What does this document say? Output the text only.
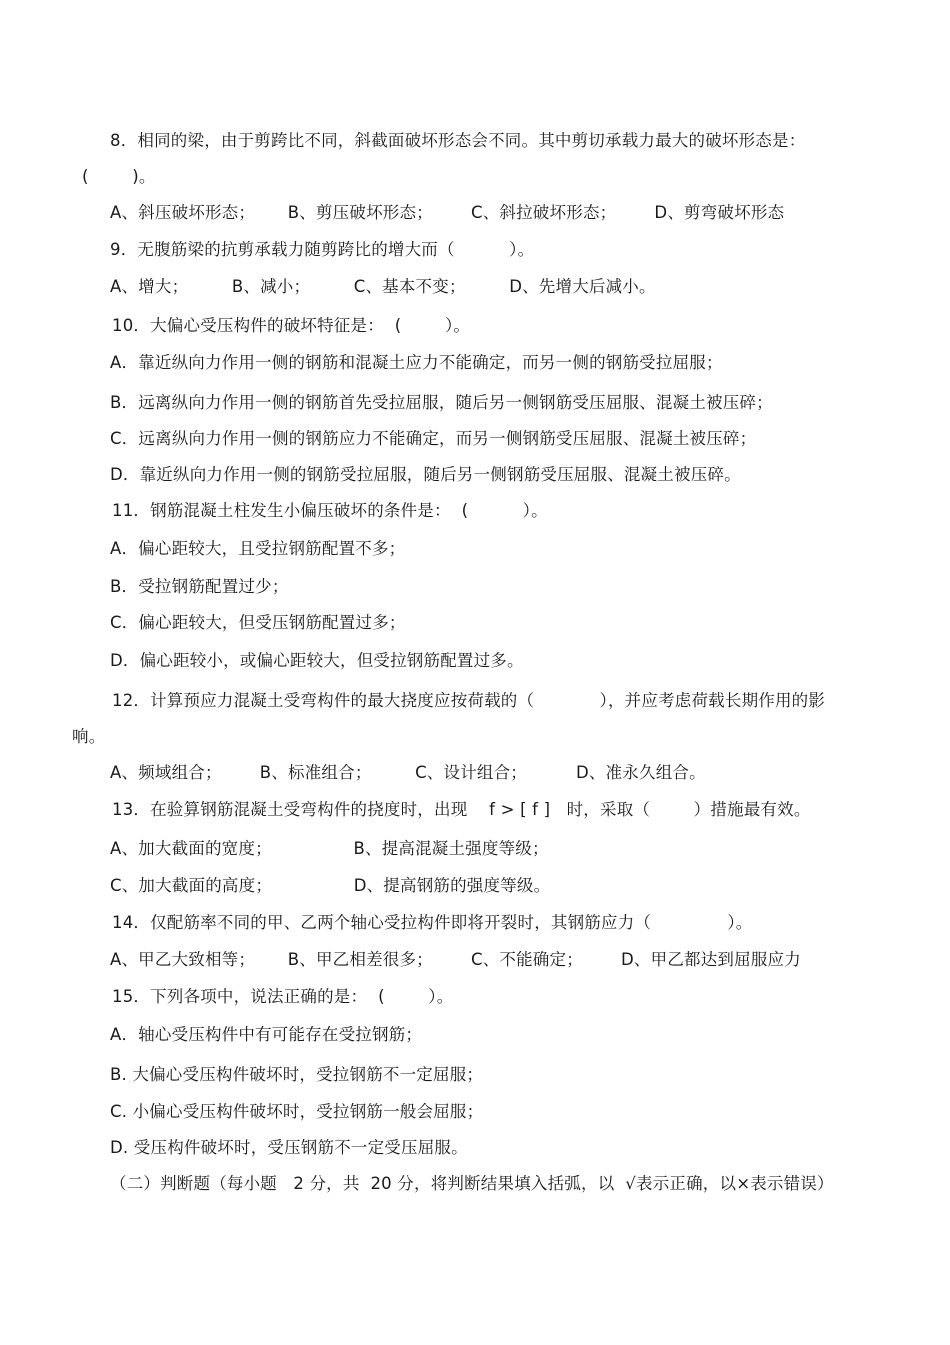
8．相同的梁，由于剪跨比不同，斜截面破坏形态会不同。其中剪切承载力最大的破坏形态是：
(        )。
A、斜压破坏形态；      B、剪压破坏形态；       C、斜拉破坏形态；       D、剪弯破坏形态
9．无腹筋梁的抗剪承载力随剪跨比的增大而（          ）。
A、增大；        B、减小；        C、基本不变；        D、先增大后减小。
10．大偏心受压构件的破坏特征是：  (        ）。
A．靠近纵向力作用一侧的钢筋和混凝土应力不能确定，而另一侧的钢筋受拉屈服；
B．远离纵向力作用一侧的钢筋首先受拉屈服，随后另一侧钢筋受压屈服、混凝土被压碎；
C．远离纵向力作用一侧的钢筋应力不能确定，而另一侧钢筋受压屈服、混凝土被压碎；
D．靠近纵向力作用一侧的钢筋受拉屈服，随后另一侧钢筋受压屈服、混凝土被压碎。
11．钢筋混凝土柱发生小偏压破坏的条件是：  (          ）。
A．偏心距较大，且受拉钢筋配置不多；
B．受拉钢筋配置过少；
C．偏心距较大，但受压钢筋配置过多；
D．偏心距较小，或偏心距较大，但受拉钢筋配置过多。
12．计算预应力混凝土受弯构件的最大挠度应按荷载的（            ），并应考虑荷载长期作用的影
响。
A、频域组合；       B、标准组合；        C、设计组合；         D、准永久组合。
13．在验算钢筋混凝土受弯构件的挠度时，出现    f > [ f ]   时，采取（        ）措施最有效。
A、加大截面的宽度；               B、提高混凝土强度等级；
C、加大截面的高度；               D、提高钢筋的强度等级。
14．仅配筋率不同的甲、乙两个轴心受拉构件即将开裂时，其钢筋应力（              ）。
A、甲乙大致相等；      B、甲乙相差很多；       C、不能确定；       D、甲乙都达到屈服应力
15．下列各项中，说法正确的是：  (        ）。
A．轴心受压构件中有可能存在受拉钢筋；
B. 大偏心受压构件破坏时，受拉钢筋不一定屈服；
C. 小偏心受压构件破坏时，受拉钢筋一般会屈服；
D. 受压构件破坏时，受压钢筋不一定受压屈服。
（二）判断题（每小题   2 分，共  20 分，将判断结果填入括弧，以  √表示正确，以×表示错误）
